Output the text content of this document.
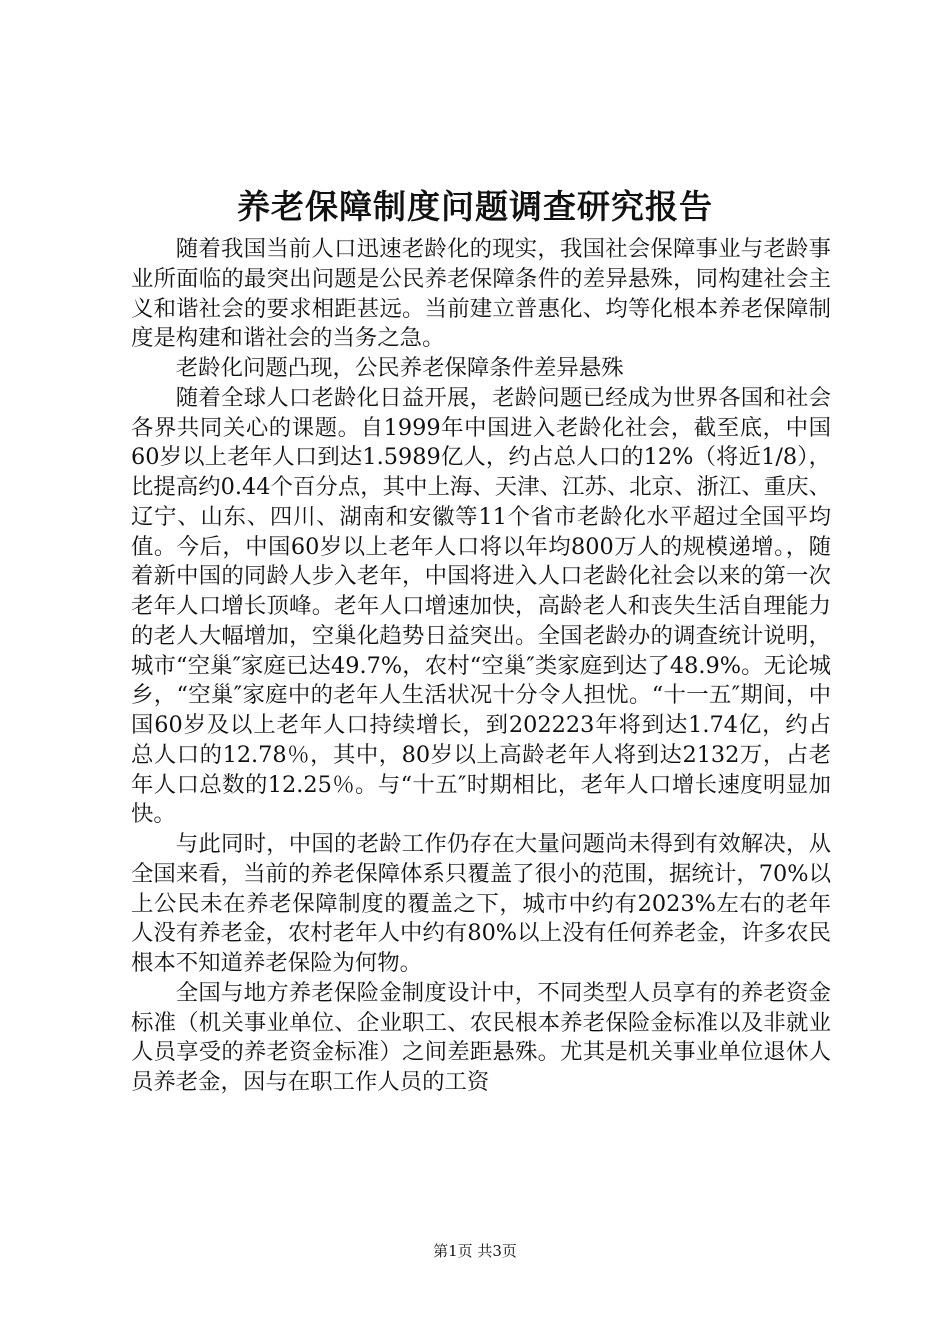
养老保障制度问题调查研究报告

随着我国当前人口迅速老龄化的现实，我国社会保障事业与老龄事业所面临的最突出问题是公民养老保障条件的差异悬殊，同构建社会主义和谐社会的要求相距甚远。当前建立普惠化、均等化根本养老保障制度是构建和谐社会的当务之急。

老龄化问题凸现，公民养老保障条件差异悬殊

随着全球人口老龄化日益开展，老龄问题已经成为世界各国和社会各界共同关心的课题。自1999年中国进入老龄化社会，截至底，中国60岁以上老年人口到达1.5989亿人，约占总人口的12%（将近1/8），比提高约0.44个百分点，其中上海、天津、江苏、北京、浙江、重庆、辽宁、山东、四川、湖南和安徽等11个省市老龄化水平超过全国平均值。今后，中国60岁以上老年人口将以年均800万人的规模递增。，随着新中国的同龄人步入老年，中国将进入人口老龄化社会以来的第一次老年人口增长顶峰。老年人口增速加快，高龄老人和丧失生活自理能力的老人大幅增加，空巢化趋势日益突出。全国老龄办的调查统计说明，城市“空巢″家庭已达49.7%，农村“空巢″类家庭到达了48.9%。无论城乡，“空巢″家庭中的老年人生活状况十分令人担忧。“十一五″期间，中国60岁及以上老年人口持续增长，到202223年将到达1.74亿，约占总人口的12.78％，其中，80岁以上高龄老年人将到达2132万，占老年人口总数的12.25％。与“十五″时期相比，老年人口增长速度明显加快。

与此同时，中国的老龄工作仍存在大量问题尚未得到有效解决，从全国来看，当前的养老保障体系只覆盖了很小的范围，据统计，70%以上公民未在养老保障制度的覆盖之下，城市中约有2023%左右的老年人没有养老金，农村老年人中约有80%以上没有任何养老金，许多农民根本不知道养老保险为何物。

全国与地方养老保险金制度设计中，不同类型人员享有的养老资金标准（机关事业单位、企业职工、农民根本养老保险金标准以及非就业人员享受的养老资金标准）之间差距悬殊。尤其是机关事业单位退休人员养老金，因与在职工作人员的工资

第1页 共3页
